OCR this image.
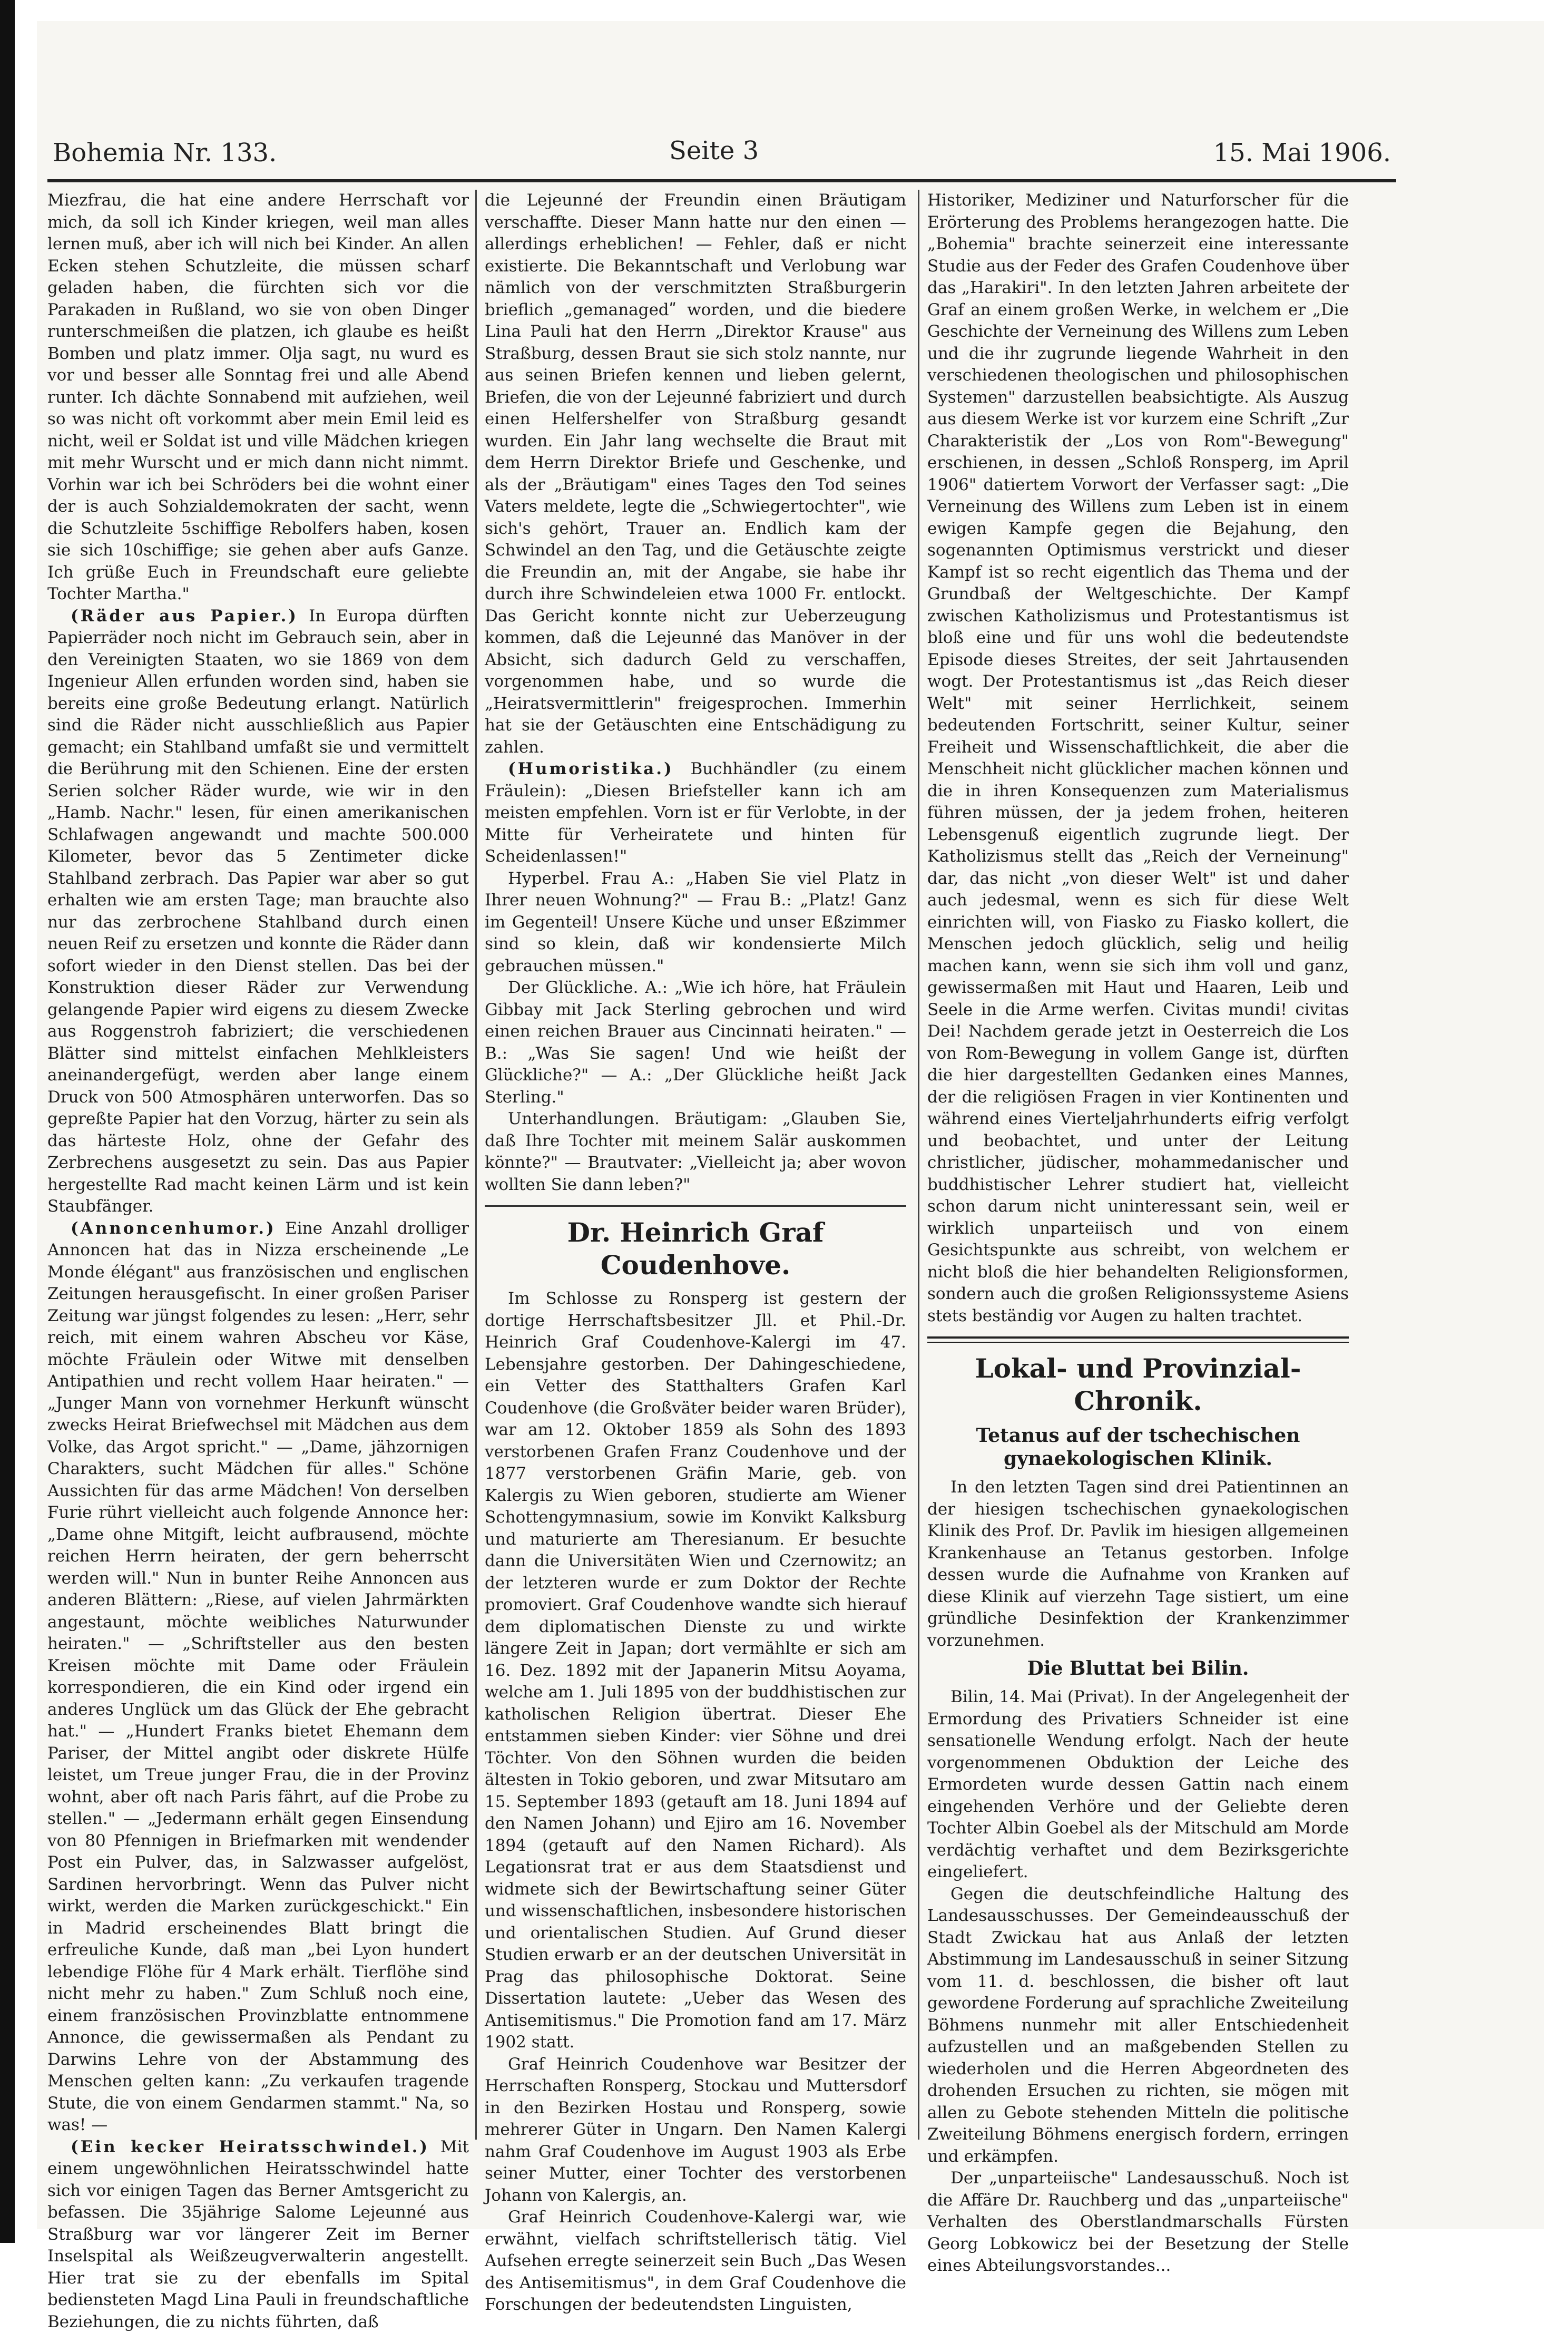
Bohemia Nr. 133.	Seite 3	15. Mai 1906.

Miezfrau, die hat eine andere Herrschaft vor mich, da soll ich Kinder kriegen, weil man alles lernen muß, aber ich will nich bei Kinder. An allen Ecken stehen Schutzleite, die müssen scharf geladen haben, die fürchten sich vor die Parakaden in Rußland, wo sie von oben Dinger runterschmeißen die platzen, ich glaube es heißt Bomben und platz immer. Olja sagt, nu wurd es vor und besser alle Sonntag frei und alle Abend runter. Ich dächte Sonnabend mit aufziehen, weil so was nicht oft vorkommt aber mein Emil leid es nicht, weil er Soldat ist und ville Mädchen kriegen mit mehr Wurscht und er mich dann nicht nimmt. Vorhin war ich bei Schröders bei die wohnt einer der is auch Sohzialdemokraten der sacht, wenn die Schutzleite 5schiffige Rebolfers haben, kosen sie sich 10schiffige; sie gehen aber aufs Ganze. Ich grüße Euch in Freundschaft eure geliebte Tochter Martha."

(Räder aus Papier.) In Europa dürften Papierräder noch nicht im Gebrauch sein, aber in den Vereinigten Staaten, wo sie 1869 von dem Ingenieur Allen erfunden worden sind, haben sie bereits eine große Bedeutung erlangt. Natürlich sind die Räder nicht ausschließlich aus Papier gemacht; ein Stahlband umfaßt sie und vermittelt die Berührung mit den Schienen. Eine der ersten Serien solcher Räder wurde, wie wir in den „Hamb. Nachr." lesen, für einen amerikanischen Schlafwagen angewandt und machte 500.000 Kilometer, bevor das 5 Zentimeter dicke Stahlband zerbrach. Das Papier war aber so gut erhalten wie am ersten Tage; man brauchte also nur das zerbrochene Stahlband durch einen neuen Reif zu ersetzen und konnte die Räder dann sofort wieder in den Dienst stellen. Das bei der Konstruktion dieser Räder zur Verwendung gelangende Papier wird eigens zu diesem Zwecke aus Roggenstroh fabriziert; die verschiedenen Blätter sind mittelst einfachen Mehlkleisters aneinandergefügt, werden aber lange einem Druck von 500 Atmosphären unterworfen. Das so gepreßte Papier hat den Vorzug, härter zu sein als das härteste Holz, ohne der Gefahr des Zerbrechens ausgesetzt zu sein. Das aus Papier hergestellte Rad macht keinen Lärm und ist kein Staubfänger.

(Annoncenhumor.) Eine Anzahl drolliger Annoncen hat das in Nizza erscheinende „Le Monde élégant" aus französischen und englischen Zeitungen herausgefischt. In einer großen Pariser Zeitung war jüngst folgendes zu lesen: „Herr, sehr reich, mit einem wahren Abscheu vor Käse, möchte Fräulein oder Witwe mit denselben Antipathien und recht vollem Haar heiraten." — „Junger Mann von vornehmer Herkunft wünscht zwecks Heirat Briefwechsel mit Mädchen aus dem Volke, das Argot spricht." — „Dame, jähzornigen Charakters, sucht Mädchen für alles." Schöne Aussichten für das arme Mädchen! Von derselben Furie rührt vielleicht auch folgende Annonce her: „Dame ohne Mitgift, leicht aufbrausend, möchte reichen Herrn heiraten, der gern beherrscht werden will." Nun in bunter Reihe Annoncen aus anderen Blättern: „Riese, auf vielen Jahrmärkten angestaunt, möchte weibliches Naturwunder heiraten." — „Schriftsteller aus den besten Kreisen möchte mit Dame oder Fräulein korrespondieren, die ein Kind oder irgend ein anderes Unglück um das Glück der Ehe gebracht hat." — „Hundert Franks bietet Ehemann dem Pariser, der Mittel angibt oder diskrete Hülfe leistet, um Treue junger Frau, die in der Provinz wohnt, aber oft nach Paris fährt, auf die Probe zu stellen." — „Jedermann erhält gegen Einsendung von 80 Pfennigen in Briefmarken mit wendender Post ein Pulver, das, in Salzwasser aufgelöst, Sardinen hervorbringt. Wenn das Pulver nicht wirkt, werden die Marken zurückgeschickt." Ein in Madrid erscheinendes Blatt bringt die erfreuliche Kunde, daß man „bei Lyon hundert lebendige Flöhe für 4 Mark erhält. Tierflöhe sind nicht mehr zu haben." Zum Schluß noch eine, einem französischen Provinzblatte entnommene Annonce, die gewissermaßen als Pendant zu Darwins Lehre von der Abstammung des Menschen gelten kann: „Zu verkaufen tragende Stute, die von einem Gendarmen stammt." Na, so was! —

(Ein kecker Heiratsschwindel.) Mit einem ungewöhnlichen Heiratsschwindel hatte sich vor einigen Tagen das Berner Amtsgericht zu befassen. Die 35jährige Salome Lejeunné aus Straßburg war vor längerer Zeit im Berner Inselspital als Weißzeugverwalterin angestellt. Hier trat sie zu der ebenfalls im Spital bediensteten Magd Lina Pauli in freundschaftliche Beziehungen, die zu nichts führten, daß

die Lejeunné der Freundin einen Bräutigam verschaffte. Dieser Mann hatte nur den einen — allerdings erheblichen! — Fehler, daß er nicht existierte. Die Bekanntschaft und Verlobung war nämlich von der verschmitzten Straßburgerin brieflich „gemanagedʺ worden, und die biedere Lina Pauli hat den Herrn „Direktor Krause" aus Straßburg, dessen Braut sie sich stolz nannte, nur aus seinen Briefen kennen und lieben gelernt, Briefen, die von der Lejeunné fabriziert und durch einen Helfershelfer von Straßburg gesandt wurden. Ein Jahr lang wechselte die Braut mit dem Herrn Direktor Briefe und Geschenke, und als der „Bräutigam" eines Tages den Tod seines Vaters meldete, legte die „Schwiegertochter", wie sich's gehört, Trauer an. Endlich kam der Schwindel an den Tag, und die Getäuschte zeigte die Freundin an, mit der Angabe, sie habe ihr durch ihre Schwindeleien etwa 1000 Fr. entlockt. Das Gericht konnte nicht zur Ueberzeugung kommen, daß die Lejeunné das Manöver in der Absicht, sich dadurch Geld zu verschaffen, vorgenommen habe, und so wurde die „Heiratsvermittlerin" freigesprochen. Immerhin hat sie der Getäuschten eine Entschädigung zu zahlen.

(Humoristika.) Buchhändler (zu einem Fräulein): „Diesen Briefsteller kann ich am meisten empfehlen. Vorn ist er für Verlobte, in der Mitte für Verheiratete und hinten für Scheidenlassen!"

Hyperbel. Frau A.: „Haben Sie viel Platz in Ihrer neuen Wohnung?" — Frau B.: „Platz! Ganz im Gegenteil! Unsere Küche und unser Eßzimmer sind so klein, daß wir kondensierte Milch gebrauchen müssen."

Der Glückliche. A.: „Wie ich höre, hat Fräulein Gibbay mit Jack Sterling gebrochen und wird einen reichen Brauer aus Cincinnati heiraten." — B.: „Was Sie sagen! Und wie heißt der Glückliche?" — A.: „Der Glückliche heißt Jack Sterling."

Unterhandlungen. Bräutigam: „Glauben Sie, daß Ihre Tochter mit meinem Salär auskommen könnte?" — Brautvater: „Vielleicht ja; aber wovon wollten Sie dann leben?"

Dr. Heinrich Graf Coudenhove.

Im Schlosse zu Ronsperg ist gestern der dortige Herrschaftsbesitzer Jll. et Phil.-Dr. Heinrich Graf Coudenhove-Kalergi im 47. Lebensjahre gestorben. Der Dahingeschiedene, ein Vetter des Statthalters Grafen Karl Coudenhove (die Großväter beider waren Brüder), war am 12. Oktober 1859 als Sohn des 1893 verstorbenen Grafen Franz Coudenhove und der 1877 verstorbenen Gräfin Marie, geb. von Kalergis zu Wien geboren, studierte am Wiener Schottengymnasium, sowie im Konvikt Kalksburg und maturierte am Theresianum. Er besuchte dann die Universitäten Wien und Czernowitz; an der letzteren wurde er zum Doktor der Rechte promoviert. Graf Coudenhove wandte sich hierauf dem diplomatischen Dienste zu und wirkte längere Zeit in Japan; dort vermählte er sich am 16. Dez. 1892 mit der Japanerin Mitsu Aoyama, welche am 1. Juli 1895 von der buddhistischen zur katholischen Religion übertrat. Dieser Ehe entstammen sieben Kinder: vier Söhne und drei Töchter. Von den Söhnen wurden die beiden ältesten in Tokio geboren, und zwar Mitsutaro am 15. September 1893 (getauft am 18. Juni 1894 auf den Namen Johann) und Ejiro am 16. November 1894 (getauft auf den Namen Richard). Als Legationsrat trat er aus dem Staatsdienst und widmete sich der Bewirtschaftung seiner Güter und wissenschaftlichen, insbesondere historischen und orientalischen Studien. Auf Grund dieser Studien erwarb er an der deutschen Universität in Prag das philosophische Doktorat. Seine Dissertation lautete: „Ueber das Wesen des Antisemitismus." Die Promotion fand am 17. März 1902 statt.

Graf Heinrich Coudenhove war Besitzer der Herrschaften Ronsperg, Stockau und Muttersdorf in den Bezirken Hostau und Ronsperg, sowie mehrerer Güter in Ungarn. Den Namen Kalergi nahm Graf Coudenhove im August 1903 als Erbe seiner Mutter, einer Tochter des verstorbenen Johann von Kalergis, an.

Graf Heinrich Coudenhove-Kalergi war, wie erwähnt, vielfach schriftstellerisch tätig. Viel Aufsehen erregte seinerzeit sein Buch „Das Wesen des Antisemitismus", in dem Graf Coudenhove die Forschungen der bedeutendsten Linguisten,

Historiker, Mediziner und Naturforscher für die Erörterung des Problems herangezogen hatte. Die „Bohemia" brachte seinerzeit eine interessante Studie aus der Feder des Grafen Coudenhove über das „Harakiri". In den letzten Jahren arbeitete der Graf an einem großen Werke, in welchem er „Die Geschichte der Verneinung des Willens zum Leben und die ihr zugrunde liegende Wahrheit in den verschiedenen theologischen und philosophischen Systemen" darzustellen beabsichtigte. Als Auszug aus diesem Werke ist vor kurzem eine Schrift „Zur Charakteristik der „Los von Rom"-Bewegung" erschienen, in dessen „Schloß Ronsperg, im April 1906" datiertem Vorwort der Verfasser sagt: „Die Verneinung des Willens zum Leben ist in einem ewigen Kampfe gegen die Bejahung, den sogenannten Optimismus verstrickt und dieser Kampf ist so recht eigentlich das Thema und der Grundbaß der Weltgeschichte. Der Kampf zwischen Katholizismus und Protestantismus ist bloß eine und für uns wohl die bedeutendste Episode dieses Streites, der seit Jahrtausenden wogt. Der Protestantismus ist „das Reich dieser Welt" mit seiner Herrlichkeit, seinem bedeutenden Fortschritt, seiner Kultur, seiner Freiheit und Wissenschaftlichkeit, die aber die Menschheit nicht glücklicher machen können und die in ihren Konsequenzen zum Materialismus führen müssen, der ja jedem frohen, heiteren Lebensgenuß eigentlich zugrunde liegt. Der Katholizismus stellt das „Reich der Verneinung" dar, das nicht „von dieser Welt" ist und daher auch jedesmal, wenn es sich für diese Welt einrichten will, von Fiasko zu Fiasko kollert, die Menschen jedoch glücklich, selig und heilig machen kann, wenn sie sich ihm voll und ganz, gewissermaßen mit Haut und Haaren, Leib und Seele in die Arme werfen. Civitas mundi! civitas Dei! Nachdem gerade jetzt in Oesterreich die Los von Rom-Bewegung in vollem Gange ist, dürften die hier dargestellten Gedanken eines Mannes, der die religiösen Fragen in vier Kontinenten und während eines Vierteljahrhunderts eifrig verfolgt und beobachtet, und unter der Leitung christlicher, jüdischer, mohammedanischer und buddhistischer Lehrer studiert hat, vielleicht schon darum nicht uninteressant sein, weil er wirklich unparteiisch und von einem Gesichtspunkte aus schreibt, von welchem er nicht bloß die hier behandelten Religionsformen, sondern auch die großen Religionssysteme Asiens stets beständig vor Augen zu halten trachtet.

Lokal- und Provinzial-Chronik.
Tetanus auf der tschechischen gynaekologischen Klinik.

In den letzten Tagen sind drei Patientinnen an der hiesigen tschechischen gynaekologischen Klinik des Prof. Dr. Pavlik im hiesigen allgemeinen Krankenhause an Tetanus gestorben. Infolge dessen wurde die Aufnahme von Kranken auf diese Klinik auf vierzehn Tage sistiert, um eine gründliche Desinfektion der Krankenzimmer vorzunehmen.

Die Bluttat bei Bilin.

Bilin, 14. Mai (Privat). In der Angelegenheit der Ermordung des Privatiers Schneider ist eine sensationelle Wendung erfolgt. Nach der heute vorgenommenen Obduktion der Leiche des Ermordeten wurde dessen Gattin nach einem eingehenden Verhöre und der Geliebte deren Tochter Albin Goebel als der Mitschuld am Morde verdächtig verhaftet und dem Bezirksgerichte eingeliefert.

Gegen die deutschfeindliche Haltung des Landesausschusses. Der Gemeindeausschuß der Stadt Zwickau hat aus Anlaß der letzten Abstimmung im Landesausschuß in seiner Sitzung vom 11. d. beschlossen, die bisher oft laut gewordene Forderung auf sprachliche Zweiteilung Böhmens nunmehr mit aller Entschiedenheit aufzustellen und an maßgebenden Stellen zu wiederholen und die Herren Abgeordneten des drohenden Ersuchen zu richten, sie mögen mit allen zu Gebote stehenden Mitteln die politische Zweiteilung Böhmens energisch fordern, erringen und erkämpfen.

Der „unparteiische" Landesausschuß. Noch ist die Affäre Dr. Rauchberg und das „unparteiische" Verhalten des Oberstlandmarschalls Fürsten Georg Lobkowicz bei der Besetzung der Stelle eines Abteilungsvorstandes...
